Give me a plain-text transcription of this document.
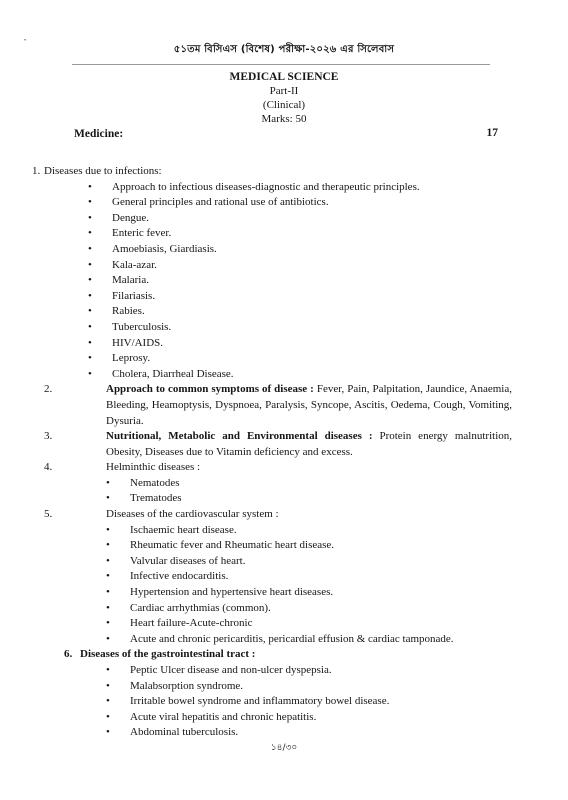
•
৫১তম বিসিএস (বিশেষ) পরীক্ষা-২০২৬ এর সিলেবাস
MEDICAL SCIENCE
Part-II
(Clinical)
Marks: 50
Medicine:	17
1. Diseases due to infections:
• Approach to infectious diseases-diagnostic and therapeutic principles.
• General principles and rational use of antibiotics.
• Dengue.
• Enteric fever.
• Amoebiasis, Giardiasis.
• Kala-azar.
• Malaria.
• Filariasis.
• Rabies.
• Tuberculosis.
• HIV/AIDS.
• Leprosy.
• Cholera, Diarrheal Disease.
2.	Approach to common symptoms of disease : Fever, Pain, Palpitation, Jaundice, Anaemia, Bleeding, Heamoptysis, Dyspnoea, Paralysis, Syncope, Ascitis, Oedema, Cough, Vomiting, Dysuria.
3.	Nutritional, Metabolic and Environmental diseases : Protein energy malnutrition, Obesity, Diseases due to Vitamin deficiency and excess.
4.	Helminthic diseases :
• Nematodes
• Trematodes
5.	Diseases of the cardiovascular system :
• Ischaemic heart disease.
• Rheumatic fever and Rheumatic heart disease.
• Valvular diseases of heart.
• Infective endocarditis.
• Hypertension and hypertensive heart diseases.
• Cardiac arrhythmias (common).
• Heart failure-Acute-chronic
• Acute and chronic pericarditis, pericardial effusion & cardiac tamponade.
6. Diseases of the gastrointestinal tract :
• Peptic Ulcer disease and non-ulcer dyspepsia.
• Malabsorption syndrome.
• Irritable bowel syndrome and inflammatory bowel disease.
• Acute viral hepatitis and chronic hepatitis.
• Abdominal tuberculosis.
১৪/৩০
